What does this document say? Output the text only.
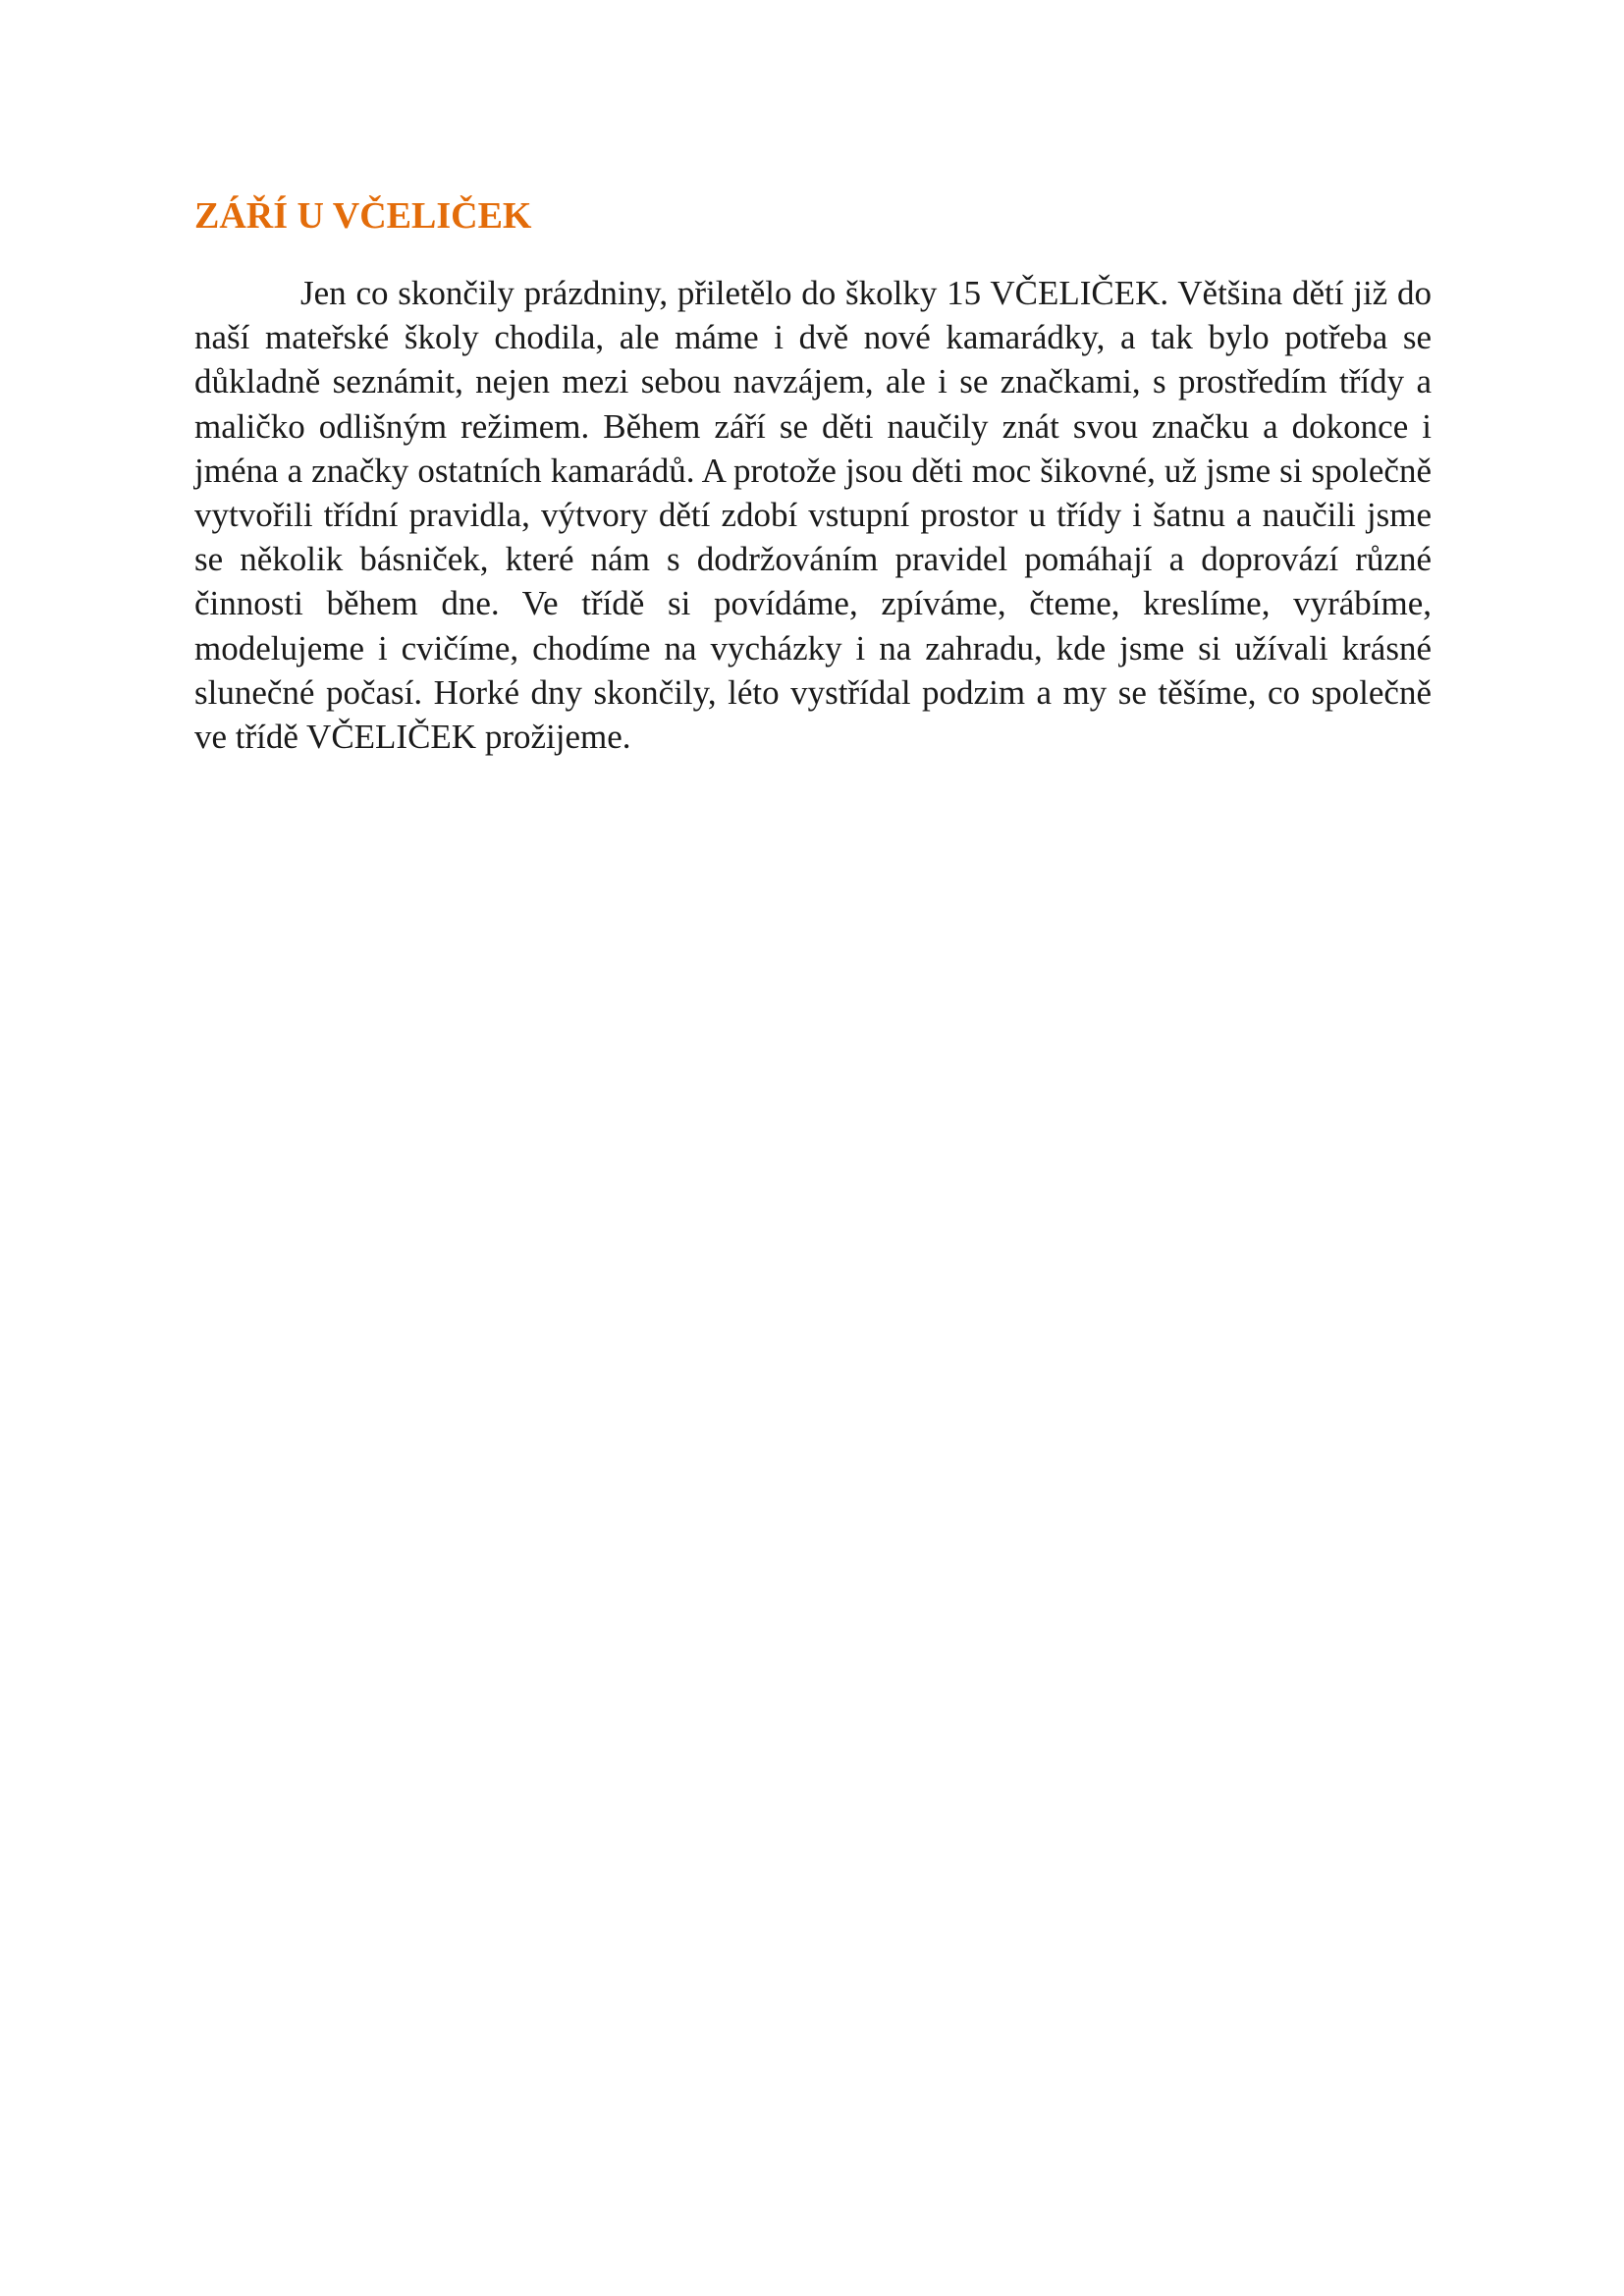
ZÁŘÍ U VČELIČEK

Jen co skončily prázdniny, přiletělo do školky 15 VČELIČEK. Většina dětí již do naší mateřské školy chodila, ale máme i dvě nové kamarádky, a tak bylo potřeba se důkladně seznámit, nejen mezi sebou navzájem, ale i se značkami, s prostředím třídy a maličko odlišným režimem. Během září se děti naučily znát svou značku a dokonce i jména a značky ostatních kamarádů. A protože jsou děti moc šikovné, už jsme si společně vytvořili třídní pravidla, výtvory dětí zdobí vstupní prostor u třídy i šatnu a naučili jsme se několik básniček, které nám s dodržováním pravidel pomáhají a doprovází různé činnosti během dne. Ve třídě si povídáme, zpíváme, čteme, kreslíme, vyrábíme, modelujeme i cvičíme, chodíme na vycházky i na zahradu, kde jsme si užívali krásné slunečné počasí. Horké dny skončily, léto vystřídal podzim a my se těšíme, co společně ve třídě VČELIČEK prožijeme.
